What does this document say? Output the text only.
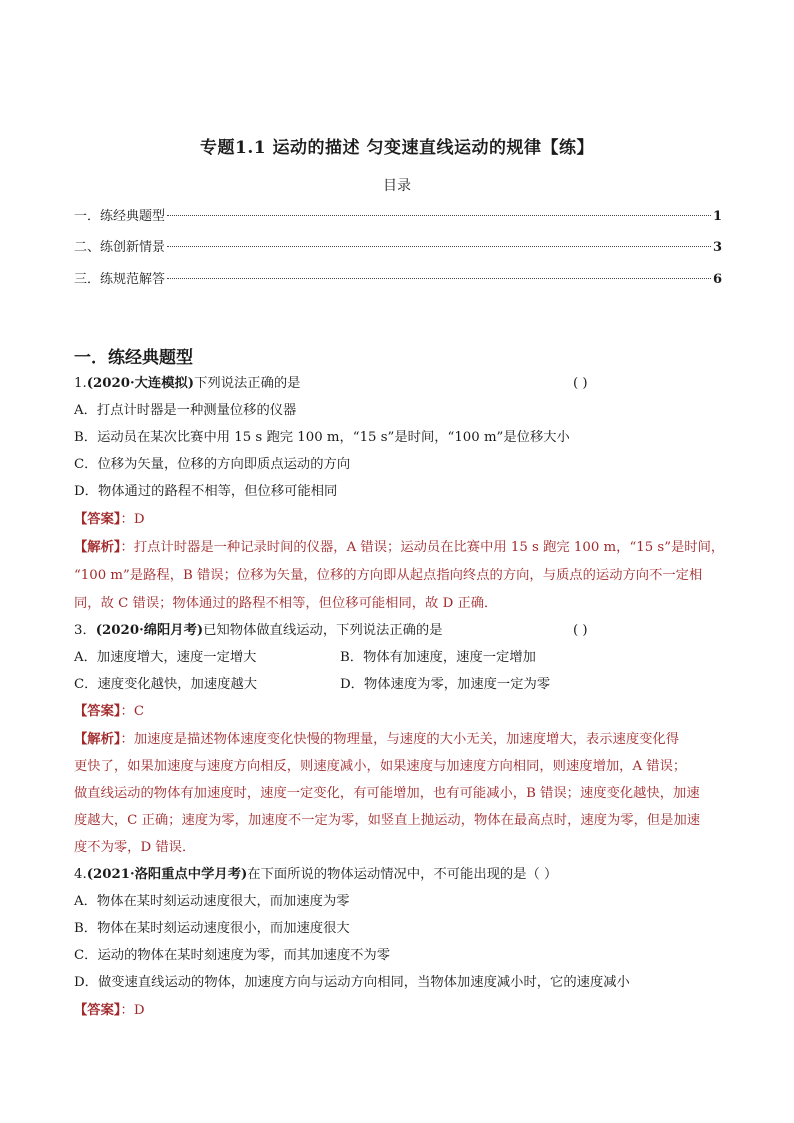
专题1.1 运动的描述 匀变速直线运动的规律【练】
目录
一．练经典题型	1
二、练创新情景	3
三．练规范解答	6
一．练经典题型
1.(2020·大连模拟)下列说法正确的是	( )
A．打点计时器是一种测量位移的仪器
B．运动员在某次比赛中用 15 s 跑完 100 m，“15 s”是时间，“100 m”是位移大小
C．位移为矢量，位移的方向即质点运动的方向
D．物体通过的路程不相等，但位移可能相同
【答案】：D
【解析】：打点计时器是一种记录时间的仪器，A 错误；运动员在比赛中用 15 s 跑完 100 m，“15 s”是时间，
“100 m”是路程，B 错误；位移为矢量，位移的方向即从起点指向终点的方向，与质点的运动方向不一定相
同，故 C 错误；物体通过的路程不相等，但位移可能相同，故 D 正确．
3．(2020·绵阳月考)已知物体做直线运动，下列说法正确的是	( )
A．加速度增大，速度一定增大	B．物体有加速度，速度一定增加
C．速度变化越快，加速度越大	D．物体速度为零，加速度一定为零
【答案】：C
【解析】：加速度是描述物体速度变化快慢的物理量，与速度的大小无关，加速度增大，表示速度变化得
更快了，如果加速度与速度方向相反，则速度减小，如果速度与加速度方向相同，则速度增加，A 错误；
做直线运动的物体有加速度时，速度一定变化，有可能增加，也有可能减小，B 错误；速度变化越快，加速
度越大，C 正确；速度为零，加速度不一定为零，如竖直上抛运动，物体在最高点时，速度为零，但是加速
度不为零，D 错误．
4.(2021·洛阳重点中学月考)在下面所说的物体运动情况中，不可能出现的是（ ）
A．物体在某时刻运动速度很大，而加速度为零
B．物体在某时刻运动速度很小，而加速度很大
C．运动的物体在某时刻速度为零，而其加速度不为零
D．做变速直线运动的物体，加速度方向与运动方向相同，当物体加速度减小时，它的速度减小
【答案】：D
